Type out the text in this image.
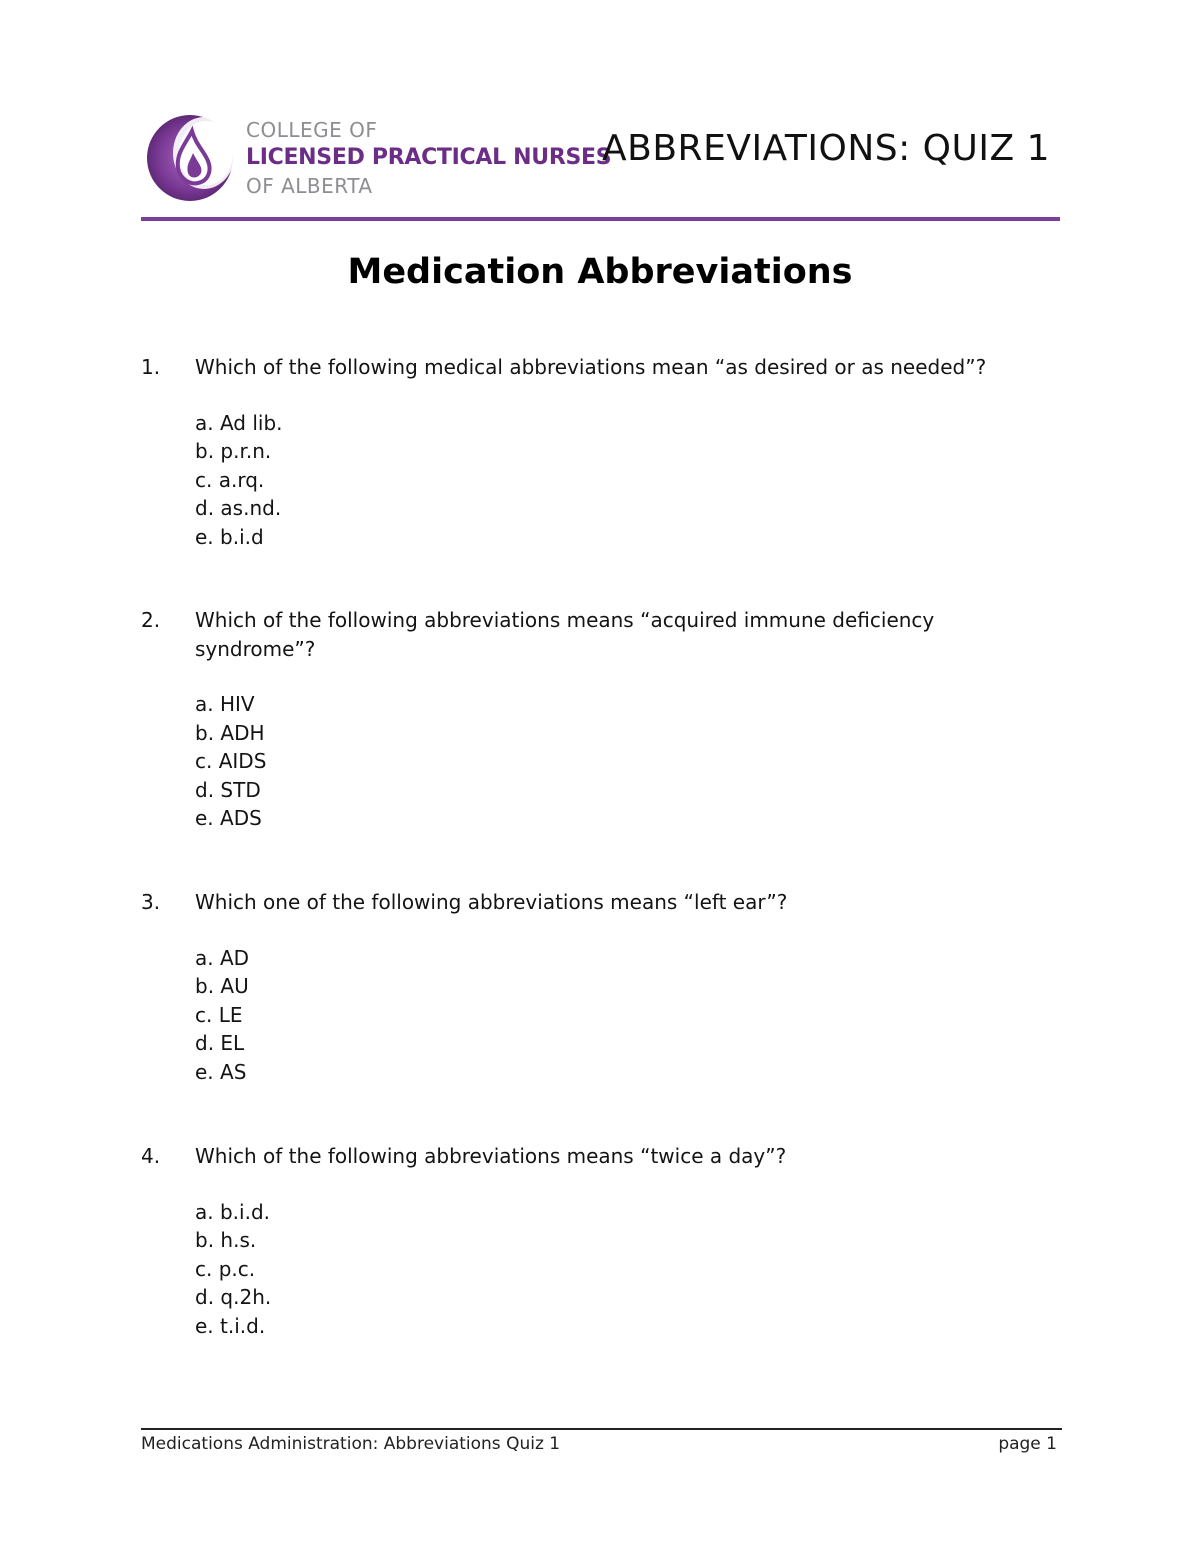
COLLEGE OF
LICENSED PRACTICAL NURSES
OF ALBERTA
ABBREVIATIONS: QUIZ 1
Medication Abbreviations
1. Which of the following medical abbreviations mean “as desired or as needed”?
a. Ad lib.
b. p.r.n.
c. a.rq.
d. as.nd.
e. b.i.d
2. Which of the following abbreviations means “acquired immune deficiency syndrome”?
a. HIV
b. ADH
c. AIDS
d. STD
e. ADS
3. Which one of the following abbreviations means “left ear”?
a. AD
b. AU
c. LE
d. EL
e. AS
4. Which of the following abbreviations means “twice a day”?
a. b.i.d.
b. h.s.
c. p.c.
d. q.2h.
e. t.i.d.
Medications Administration: Abbreviations Quiz 1	page 1
